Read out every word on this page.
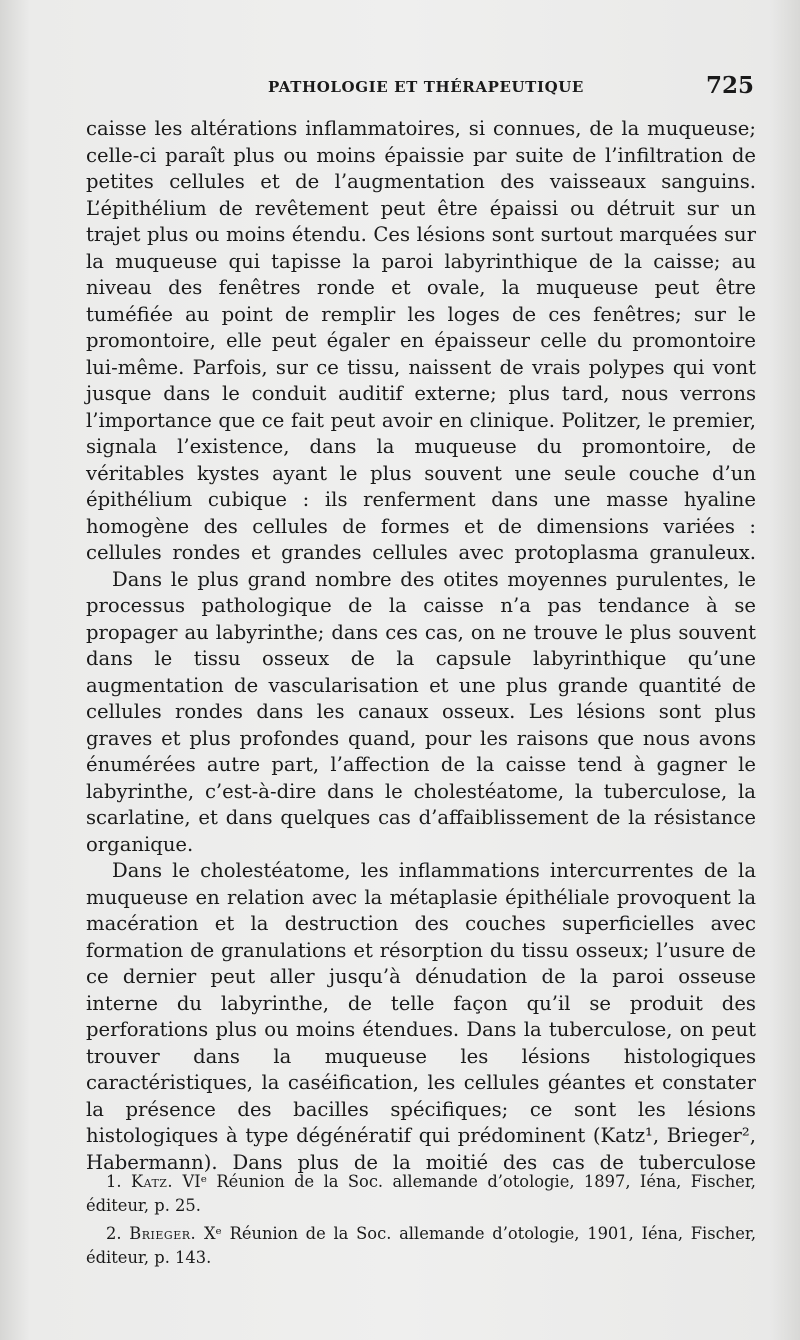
PATHOLOGIE ET THÉRAPEUTIQUE	725

caisse les altérations inflammatoires, si connues, de la muqueuse; celle-ci paraît plus ou moins épaissie par suite de l’infiltration de petites cellules et de l’augmentation des vaisseaux sanguins. L’épithélium de revêtement peut être épaissi ou détruit sur un trajet plus ou moins étendu. Ces lésions sont surtout marquées sur la muqueuse qui tapisse la paroi labyrinthique de la caisse; au niveau des fenêtres ronde et ovale, la muqueuse peut être tuméfiée au point de remplir les loges de ces fenêtres; sur le promontoire, elle peut égaler en épaisseur celle du promontoire lui-même. Parfois, sur ce tissu, naissent de vrais polypes qui vont jusque dans le conduit auditif externe; plus tard, nous verrons l’importance que ce fait peut avoir en clinique. Politzer, le premier, signala l’existence, dans la muqueuse du promontoire, de véritables kystes ayant le plus souvent une seule couche d’un épithélium cubique : ils renferment dans une masse hyaline homogène des cellules de formes et de dimensions variées : cellules rondes et grandes cellules avec protoplasma granuleux.

Dans le plus grand nombre des otites moyennes purulentes, le processus pathologique de la caisse n’a pas tendance à se propager au labyrinthe; dans ces cas, on ne trouve le plus souvent dans le tissu osseux de la capsule labyrinthique qu’une augmentation de vascularisation et une plus grande quantité de cellules rondes dans les canaux osseux. Les lésions sont plus graves et plus profondes quand, pour les raisons que nous avons énumérées autre part, l’affection de la caisse tend à gagner le labyrinthe, c’est-à-dire dans le cholestéatome, la tuberculose, la scarlatine, et dans quelques cas d’affaiblissement de la résistance organique.

Dans le cholestéatome, les inflammations intercurrentes de la muqueuse en relation avec la métaplasie épithéliale provoquent la macération et la destruction des couches superficielles avec formation de granulations et résorption du tissu osseux; l’usure de ce dernier peut aller jusqu’à dénudation de la paroi osseuse interne du labyrinthe, de telle façon qu’il se produit des perforations plus ou moins étendues. Dans la tuberculose, on peut trouver dans la muqueuse les lésions histologiques caractéristiques, la caséification, les cellules géantes et constater la présence des bacilles spécifiques; ce sont les lésions histologiques à type dégénératif qui prédominent (Katz¹, Brieger², Habermann). Dans plus de la moitié des cas de tuberculose

1. Katz. VIᵉ Réunion de la Soc. allemande d’otologie, 1897, Iéna, Fischer, éditeur, p. 25.

2. Brieger. Xᵉ Réunion de la Soc. allemande d’otologie, 1901, Iéna, Fischer, éditeur, p. 143.
